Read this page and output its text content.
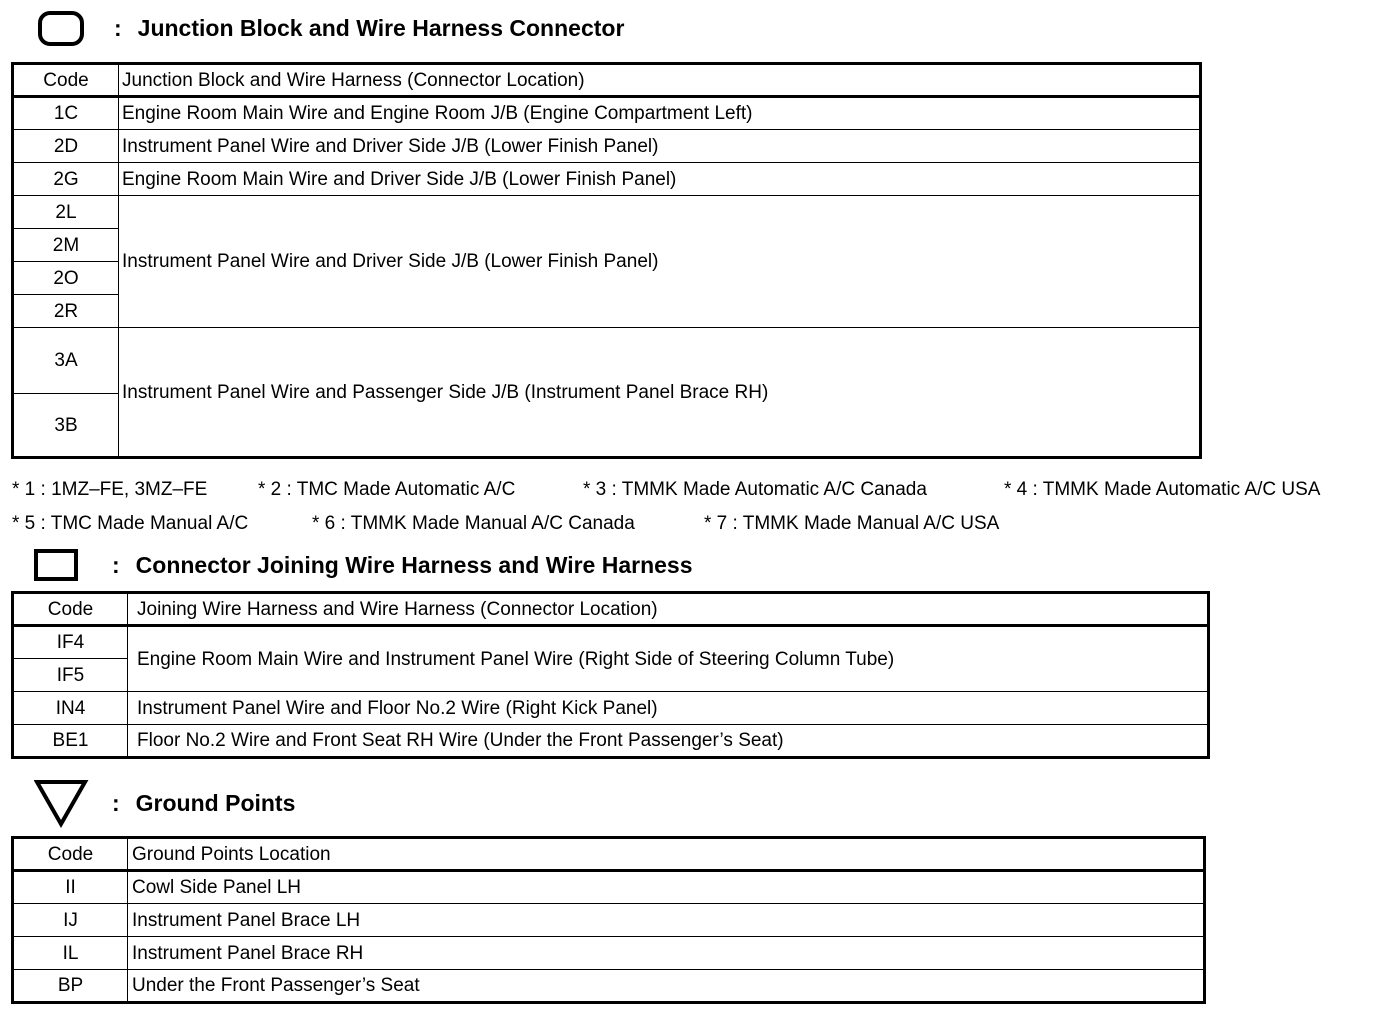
: Junction Block and Wire Harness Connector
Code	Junction Block and Wire Harness (Connector Location)
1C	Engine Room Main Wire and Engine Room J/B (Engine Compartment Left)
2D	Instrument Panel Wire and Driver Side J/B (Lower Finish Panel)
2G	Engine Room Main Wire and Driver Side J/B (Lower Finish Panel)
2L	Instrument Panel Wire and Driver Side J/B (Lower Finish Panel)
2M	
2O	
2R	
3A	Instrument Panel Wire and Passenger Side J/B (Instrument Panel Brace RH)
3B	
* 1 : 1MZ–FE, 3MZ–FE	* 2 : TMC Made Automatic A/C	* 3 : TMMK Made Automatic A/C Canada	* 4 : TMMK Made Automatic A/C USA
* 5 : TMC Made Manual A/C	* 6 : TMMK Made Manual A/C Canada	* 7 : TMMK Made Manual A/C USA
: Connector Joining Wire Harness and Wire Harness
Code	Joining Wire Harness and Wire Harness (Connector Location)
IF4	Engine Room Main Wire and Instrument Panel Wire (Right Side of Steering Column Tube)
IF5	
IN4	Instrument Panel Wire and Floor No.2 Wire (Right Kick Panel)
BE1	Floor No.2 Wire and Front Seat RH Wire (Under the Front Passenger’s Seat)
: Ground Points
Code	Ground Points Location
II	Cowl Side Panel LH
IJ	Instrument Panel Brace LH
IL	Instrument Panel Brace RH
BP	Under the Front Passenger’s Seat
